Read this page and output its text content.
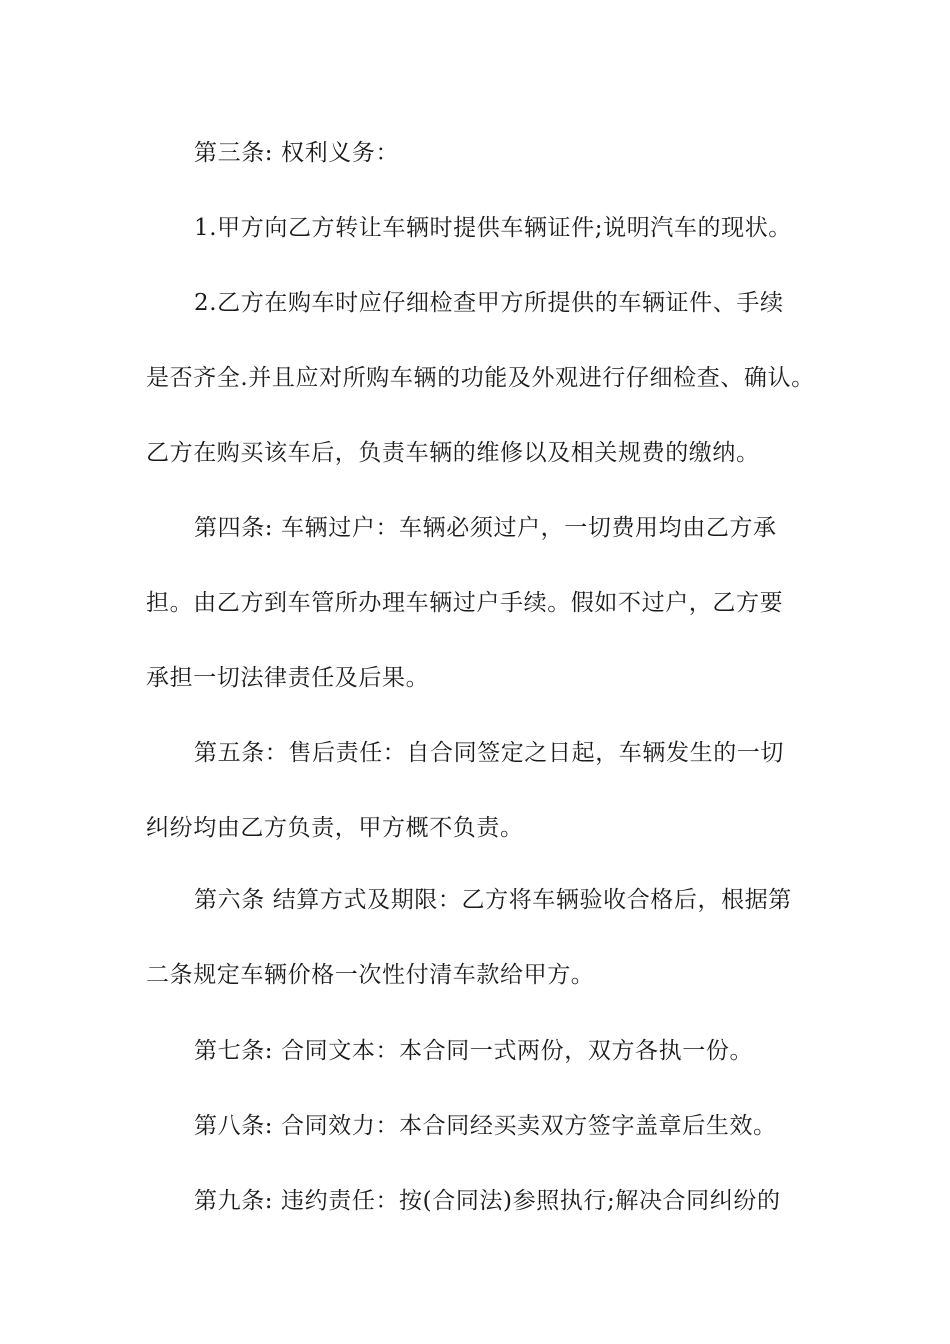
第三条: 权利义务：
1.甲方向乙方转让车辆时提供车辆证件;说明汽车的现状。
2.乙方在购车时应仔细检查甲方所提供的车辆证件、手续
是否齐全.并且应对所购车辆的功能及外观进行仔细检查、确认。
乙方在购买该车后，负责车辆的维修以及相关规费的缴纳。
第四条: 车辆过户：车辆必须过户，一切费用均由乙方承
担。由乙方到车管所办理车辆过户手续。假如不过户，乙方要
承担一切法律责任及后果。
第五条：售后责任：自合同签定之日起，车辆发生的一切
纠纷均由乙方负责，甲方概不负责。
第六条 结算方式及期限：乙方将车辆验收合格后，根据第
二条规定车辆价格一次性付清车款给甲方。
第七条: 合同文本：本合同一式两份，双方各执一份。
第八条: 合同效力：本合同经买卖双方签字盖章后生效。
第九条: 违约责任：按(合同法)参照执行;解决合同纠纷的
